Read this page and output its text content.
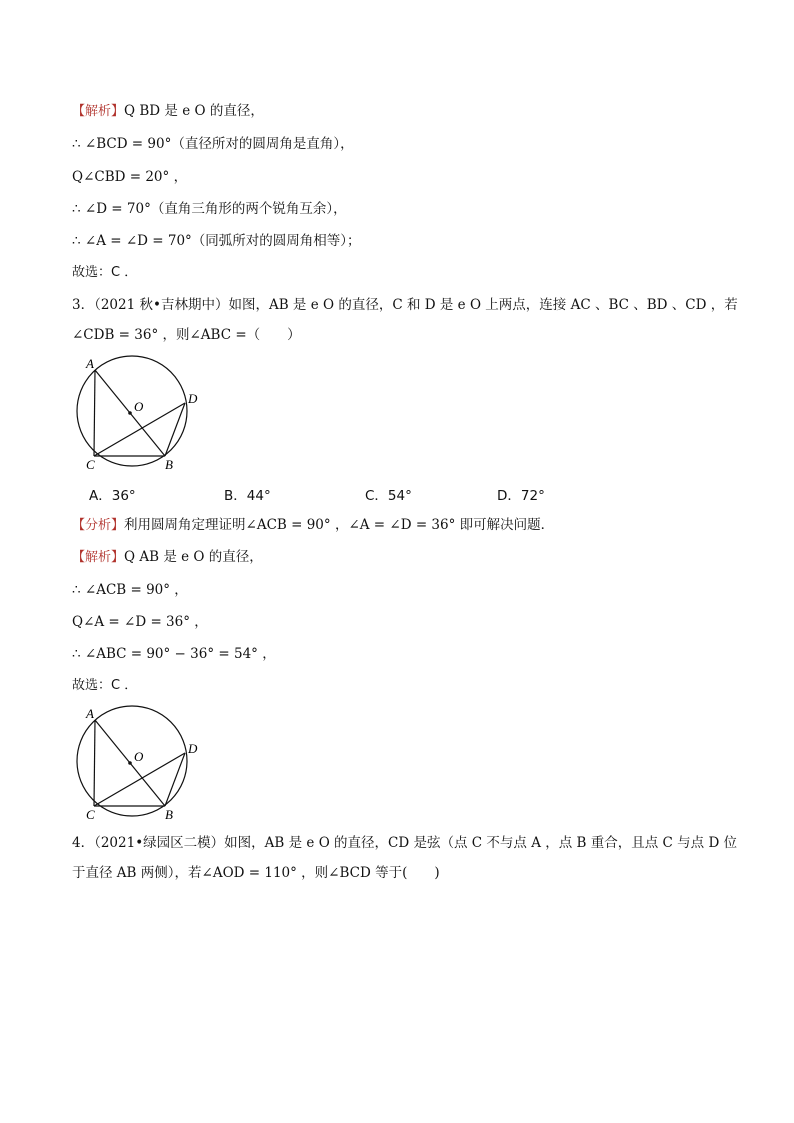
【解析】Q BD 是 e O 的直径，
∴ ∠BCD = 90°（直径所对的圆周角是直角），
Q∠CBD = 20° ，
∴ ∠D = 70°（直角三角形的两个锐角互余），
∴ ∠A = ∠D = 70°（同弧所对的圆周角相等）；
故选：C ．
3．（2021 秋•吉林期中）如图，AB 是 e O 的直径，C 和 D 是 e O 上两点，连接 AC 、BC 、BD 、CD ，若
∠CDB = 36° ，则∠ABC =（　　）
A
O
D
C	B
A．36°	B．44°	C．54°	D．72°
【分析】利用圆周角定理证明∠ACB = 90° ，∠A = ∠D = 36° 即可解决问题．
【解析】Q AB 是 e O 的直径，
∴ ∠ACB = 90° ，
Q∠A = ∠D = 36° ，
∴ ∠ABC = 90° − 36° = 54° ，
故选：C ．
A
O
D
C	B
4．（2021•绿园区二模）如图，AB 是 e O 的直径，CD 是弦（点 C 不与点 A ，点 B 重合，且点 C 与点 D 位
于直径 AB 两侧），若∠AOD = 110° ，则∠BCD 等于(　　)
